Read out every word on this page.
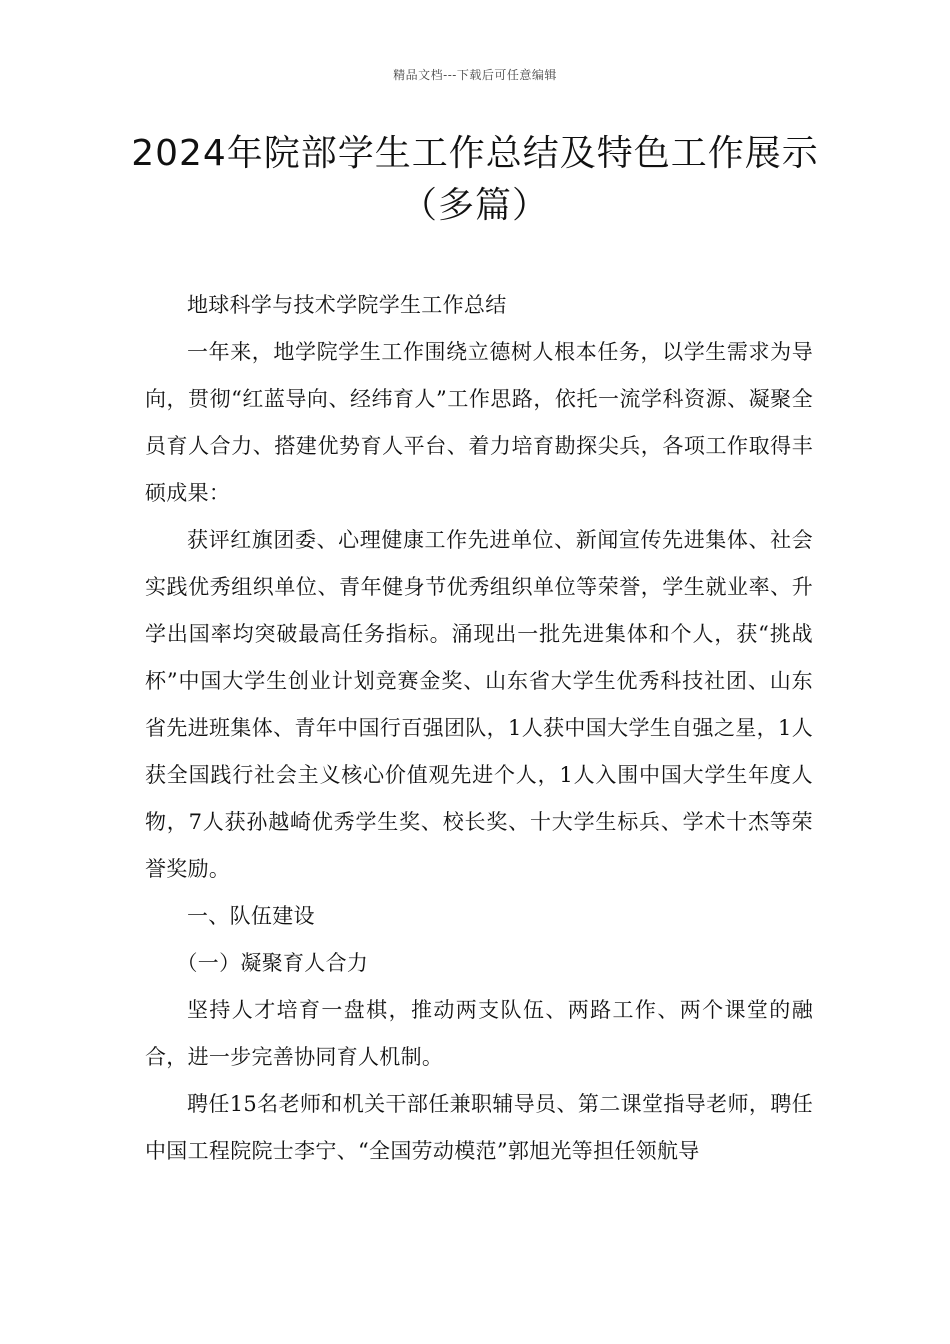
精品文档---下载后可任意编辑
2024年院部学生工作总结及特色工作展示（多篇）

地球科学与技术学院学生工作总结

一年来，地学院学生工作围绕立德树人根本任务，以学生需求为导向，贯彻“红蓝导向、经纬育人”工作思路，依托一流学科资源、凝聚全员育人合力、搭建优势育人平台、着力培育勘探尖兵，各项工作取得丰硕成果：

获评红旗团委、心理健康工作先进单位、新闻宣传先进集体、社会实践优秀组织单位、青年健身节优秀组织单位等荣誉，学生就业率、升学出国率均突破最高任务指标。涌现出一批先进集体和个人，获“挑战杯”中国大学生创业计划竞赛金奖、山东省大学生优秀科技社团、山东省先进班集体、青年中国行百强团队，1人获中国大学生自强之星，1人获全国践行社会主义核心价值观先进个人，1人入围中国大学生年度人物，7人获孙越崎优秀学生奖、校长奖、十大学生标兵、学术十杰等荣誉奖励。

一、队伍建设

（一）凝聚育人合力

坚持人才培育一盘棋，推动两支队伍、两路工作、两个课堂的融合，进一步完善协同育人机制。

聘任15名老师和机关干部任兼职辅导员、第二课堂指导老师，聘任中国工程院院士李宁、“全国劳动模范”郭旭光等担任领航导
